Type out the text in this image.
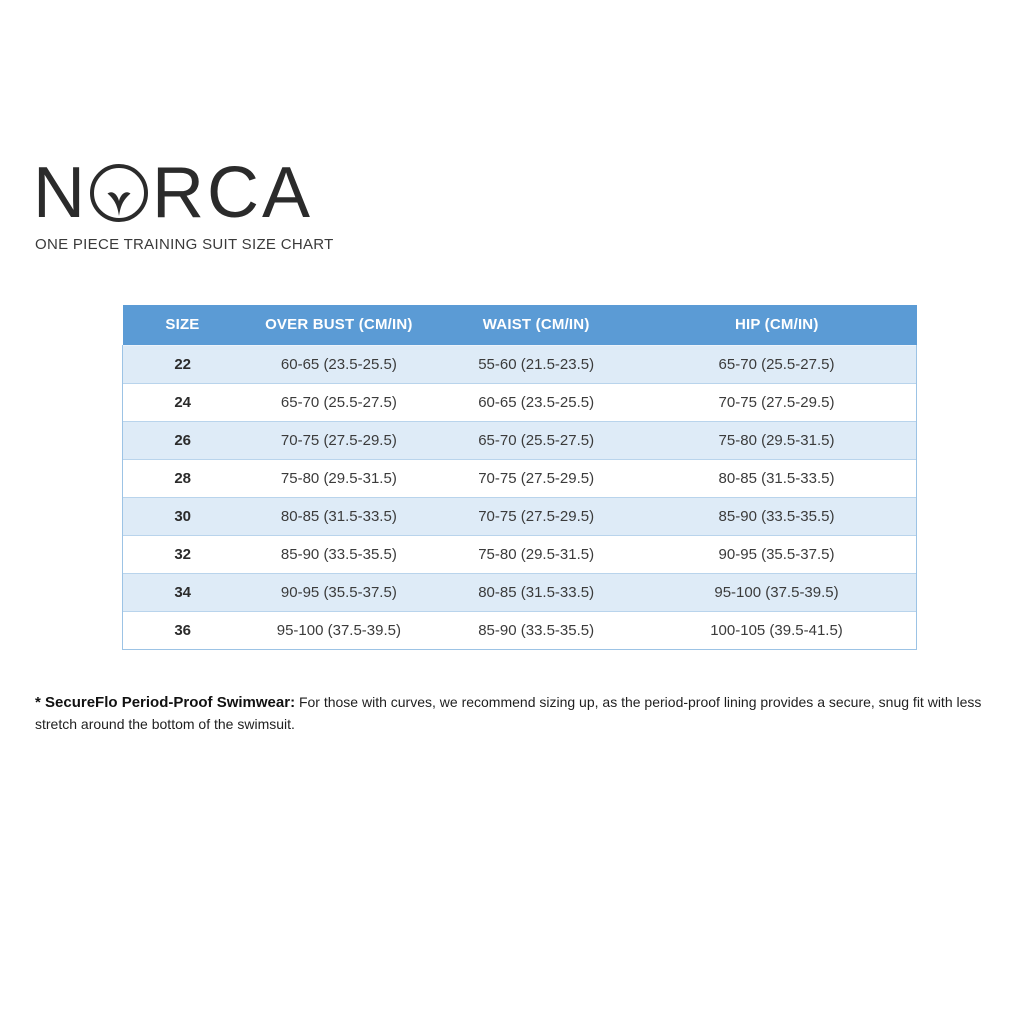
N RCA
ONE PIECE TRAINING SUIT SIZE CHART
SIZE	OVER BUST (CM/IN)	WAIST (CM/IN)	HIP (CM/IN)
22	60-65 (23.5-25.5)	55-60 (21.5-23.5)	65-70 (25.5-27.5)
24	65-70 (25.5-27.5)	60-65 (23.5-25.5)	70-75 (27.5-29.5)
26	70-75 (27.5-29.5)	65-70 (25.5-27.5)	75-80 (29.5-31.5)
28	75-80 (29.5-31.5)	70-75 (27.5-29.5)	80-85 (31.5-33.5)
30	80-85 (31.5-33.5)	70-75 (27.5-29.5)	85-90 (33.5-35.5)
32	85-90 (33.5-35.5)	75-80 (29.5-31.5)	90-95 (35.5-37.5)
34	90-95 (35.5-37.5)	80-85 (31.5-33.5)	95-100 (37.5-39.5)
36	95-100 (37.5-39.5)	85-90 (33.5-35.5)	100-105 (39.5-41.5)

* SecureFlo Period-Proof Swimwear: For those with curves, we recommend sizing up, as the period-proof lining provides a secure, snug fit with less stretch around the bottom of the swimsuit.
